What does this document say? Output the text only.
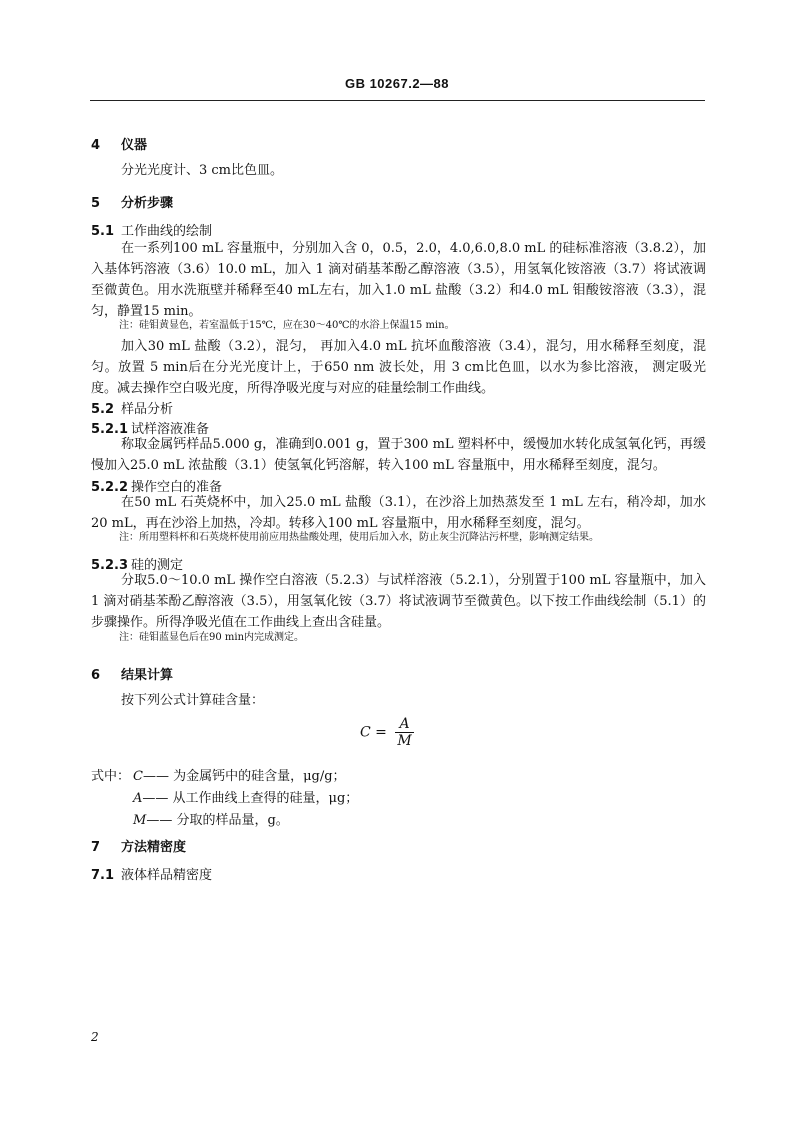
GB 10267.2—88
4 仪器
分光光度计、3 cm比色皿。
5 分析步骤
5.1 工作曲线的绘制
在一系列100 mL 容量瓶中，分别加入含 0，0.5，2.0，4.0,6.0,8.0 mL 的硅标准溶液（3.8.2），加入基体钙溶液（3.6）10.0 mL，加入 1 滴对硝基苯酚乙醇溶液（3.5），用氢氧化铵溶液（3.7）将试液调至微黄色。用水洗瓶壁并稀释至40 mL左右，加入1.0 mL 盐酸（3.2）和4.0 mL 钼酸铵溶液（3.3），混匀，静置15 min。
注：硅钼黄显色，若室温低于15℃，应在30～40℃的水浴上保温15 min。
加入30 mL 盐酸（3.2），混匀， 再加入4.0 mL 抗坏血酸溶液（3.4），混匀，用水稀释至刻度，混匀。放置 5 min后在分光光度计上，于650 nm 波长处，用 3 cm比色皿，以水为参比溶液， 测定吸光度。减去操作空白吸光度，所得净吸光度与对应的硅量绘制工作曲线。
5.2 样品分析
5.2.1 试样溶液准备
称取金属钙样品5.000 g，准确到0.001 g，置于300 mL 塑料杯中，缓慢加水转化成氢氧化钙，再缓慢加入25.0 mL 浓盐酸（3.1）使氢氧化钙溶解，转入100 mL 容量瓶中，用水稀释至刻度，混匀。
5.2.2 操作空白的准备
在50 mL 石英烧杯中，加入25.0 mL 盐酸（3.1），在沙浴上加热蒸发至 1 mL 左右，稍冷却，加水20 mL，再在沙浴上加热，冷却。转移入100 mL 容量瓶中，用水稀释至刻度，混匀。
注：所用塑料杯和石英烧杯使用前应用热盐酸处理，使用后加入水，防止灰尘沉降沾污杯壁，影响测定结果。
5.2.3 硅的测定
分取5.0～10.0 mL 操作空白溶液（5.2.3）与试样溶液（5.2.1），分别置于100 mL 容量瓶中，加入 1 滴对硝基苯酚乙醇溶液（3.5），用氢氧化铵（3.7）将试液调节至微黄色。以下按工作曲线绘制（5.1）的步骤操作。所得净吸光值在工作曲线上查出含硅量。
注：硅钼蓝显色后在90 min内完成测定。
6 结果计算
按下列公式计算硅含量：
$C = \frac{A}{M}$
式中： C—— 为金属钙中的硅含量，μg/g；
A—— 从工作曲线上查得的硅量，μg；
M—— 分取的样品量，g。
7 方法精密度
7.1 液体样品精密度
2
